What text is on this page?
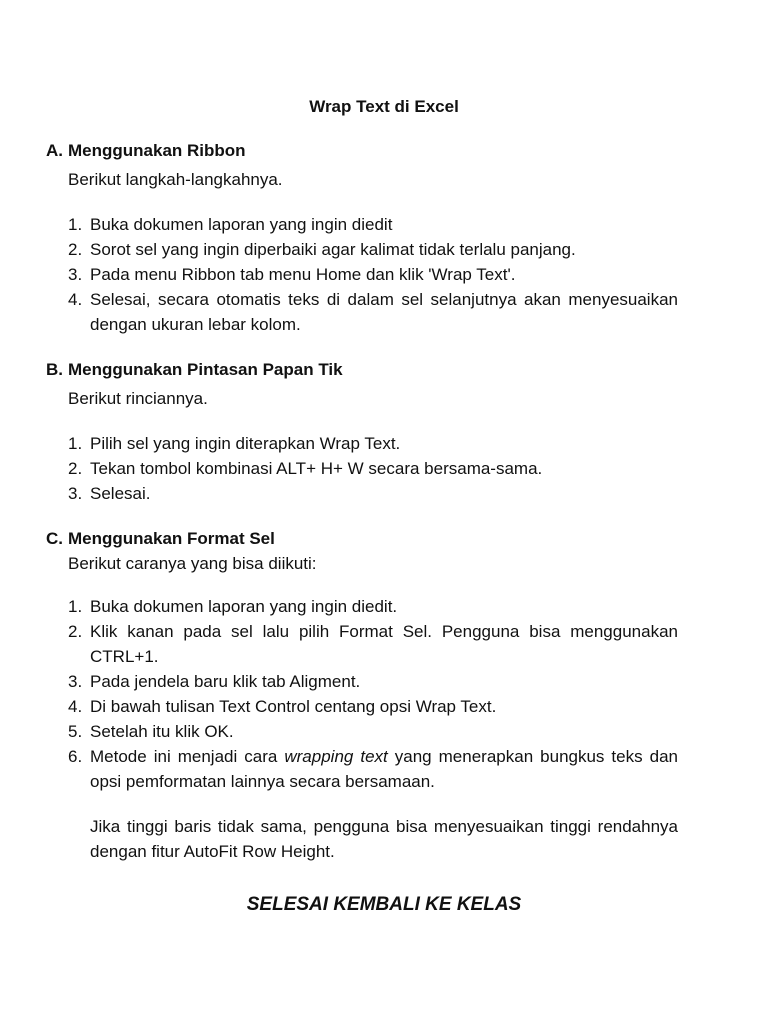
Wrap Text di Excel
A. Menggunakan Ribbon
Berikut langkah-langkahnya.
1. Buka dokumen laporan yang ingin diedit
2. Sorot sel yang ingin diperbaiki agar kalimat tidak terlalu panjang.
3. Pada menu Ribbon tab menu Home dan klik 'Wrap Text'.
4. Selesai, secara otomatis teks di dalam sel selanjutnya akan menyesuaikan dengan ukuran lebar kolom.
B. Menggunakan Pintasan Papan Tik
Berikut rinciannya.
1. Pilih sel yang ingin diterapkan Wrap Text.
2. Tekan tombol kombinasi ALT+ H+ W secara bersama-sama.
3. Selesai.
C. Menggunakan Format Sel
Berikut caranya yang bisa diikuti:
1. Buka dokumen laporan yang ingin diedit.
2. Klik kanan pada sel lalu pilih Format Sel. Pengguna bisa menggunakan CTRL+1.
3. Pada jendela baru klik tab Aligment.
4. Di bawah tulisan Text Control centang opsi Wrap Text.
5. Setelah itu klik OK.
6. Metode ini menjadi cara wrapping text yang menerapkan bungkus teks dan opsi pemformatan lainnya secara bersamaan.
Jika tinggi baris tidak sama, pengguna bisa menyesuaikan tinggi rendahnya dengan fitur AutoFit Row Height.
SELESAI KEMBALI KE KELAS
